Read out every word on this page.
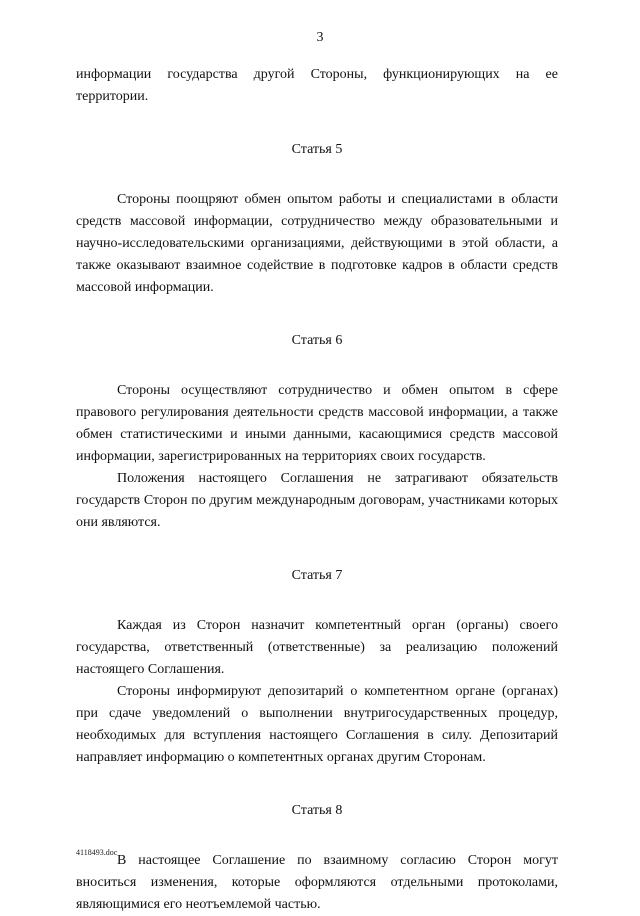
3

информации государства другой Стороны, функционирующих на ее территории.

Статья 5

Стороны поощряют обмен опытом работы и специалистами в области средств массовой информации, сотрудничество между образовательными и научно-исследовательскими организациями, действующими в этой области, а также оказывают взаимное содействие в подготовке кадров в области средств массовой информации.

Статья 6

Стороны осуществляют сотрудничество и обмен опытом в сфере правового регулирования деятельности средств массовой информации, а также обмен статистическими и иными данными, касающимися средств массовой информации, зарегистрированных на территориях своих государств.

Положения настоящего Соглашения не затрагивают обязательств государств Сторон по другим международным договорам, участниками которых они являются.

Статья 7

Каждая из Сторон назначит компетентный орган (органы) своего государства, ответственный (ответственные) за реализацию положений настоящего Соглашения.

Стороны информируют депозитарий о компетентном органе (органах) при сдаче уведомлений о выполнении внутригосударственных процедур, необходимых для вступления настоящего Соглашения в силу. Депозитарий направляет информацию о компетентных органах другим Сторонам.

Статья 8

В настоящее Соглашение по взаимному согласию Сторон могут вноситься изменения, которые оформляются отдельными протоколами, являющимися его неотъемлемой частью.

4118493.doc
